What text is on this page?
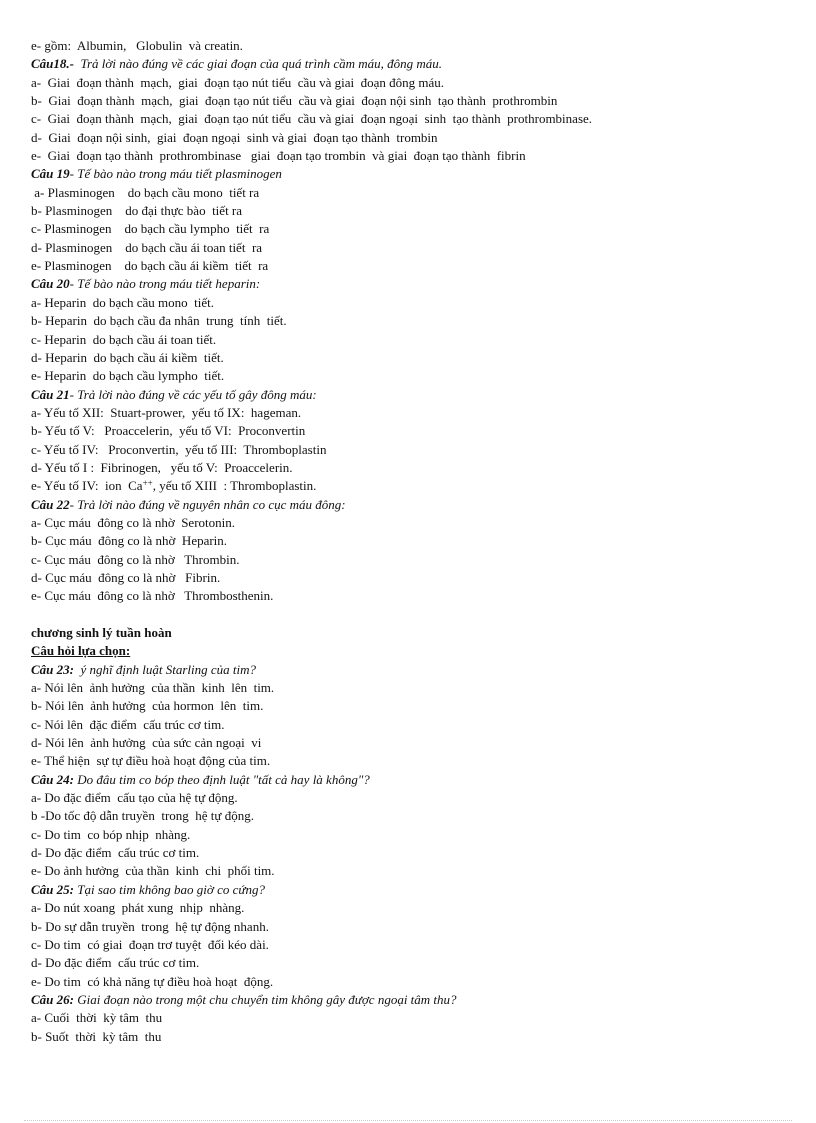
e- gồm:  Albumin,   Globulin  và creatin.
Câu18.-  Trả lời nào đúng về các giai đoạn của quá trình cầm máu, đông máu.
a-  Giai  đoạn thành  mạch,  giai  đoạn tạo nút tiểu  cầu và giai  đoạn đông máu.
b-  Giai  đoạn thành  mạch,  giai  đoạn tạo nút tiểu  cầu và giai  đoạn nội sinh  tạo thành  prothrombin
c-  Giai  đoạn thành  mạch,  giai  đoạn tạo nút tiểu  cầu và giai  đoạn ngoại  sinh  tạo thành  prothrombinase.
d-  Giai  đoạn nội sinh,  giai  đoạn ngoại  sinh và giai  đoạn tạo thành  trombin
e-  Giai  đoạn tạo thành  prothrombinase   giai  đoạn tạo trombin  và giai  đoạn tạo thành  fibrin
Câu 19- Tế bào nào trong máu tiết plasminogen
a- Plasminogen    do bạch cầu mono  tiết ra
b- Plasminogen    do đại thực bào  tiết ra
c- Plasminogen    do bạch cầu lympho  tiết  ra
d- Plasminogen    do bạch cầu ái toan tiết  ra
e- Plasminogen    do bạch cầu ái kiềm  tiết  ra
Câu 20- Tế bào nào trong máu tiết heparin:
a- Heparin  do bạch cầu mono  tiết.
b- Heparin  do bạch cầu đa nhân  trung  tính  tiết.
c- Heparin  do bạch cầu ái toan tiết.
d- Heparin  do bạch cầu ái kiềm  tiết.
e- Heparin  do bạch cầu lympho  tiết.
Câu 21- Trả lời nào đúng về các yếu tố gây đông máu:
a- Yếu tố XII:  Stuart-prower,  yếu tố IX:  hageman.
b- Yếu tố V:   Proaccelerin,  yếu tố VI:  Proconvertin
c- Yếu tố IV:   Proconvertin,  yếu tố III:  Thromboplastin
d- Yếu tố I :  Fibrinogen,   yếu tố V:  Proaccelerin.
e- Yếu tố IV:  ion  Ca++, yếu tố XIII  : Thromboplastin.
Câu 22- Trả lời nào đúng về nguyên nhân co cục máu đông:
a- Cục máu  đông co là nhờ  Serotonin.
b- Cục máu  đông co là nhờ  Heparin.
c- Cục máu  đông co là nhờ   Thrombin.
d- Cục máu  đông co là nhờ   Fibrin.
e- Cục máu  đông co là nhờ   Thrombosthenin.
chương sinh lý tuần hoàn
Câu hỏi lựa chọn:
Câu 23:  ý nghĩ định luật Starling của tim?
a- Nói lên  ảnh hưởng  của thần  kinh  lên  tim.
b- Nói lên  ảnh hưởng  của hormon  lên  tim.
c- Nói lên  đặc điểm  cấu trúc cơ tim.
d- Nói lên  ảnh hưởng  của sức cản ngoại  vi
e- Thể hiện  sự tự điều hoà hoạt động của tim.
Câu 24: Do đâu tim co bóp theo định luật "tất cả hay là không"?
a- Do đặc điểm  cấu tạo của hệ tự động.
b -Do tốc độ dẫn truyền  trong  hệ tự động.
c- Do tim  co bóp nhịp  nhàng.
d- Do đặc điểm  cấu trúc cơ tim.
e- Do ảnh hưởng  của thần  kinh  chi  phối tim.
Câu 25: Tại sao tim không bao giờ co cứng?
a- Do nút xoang  phát xung  nhịp  nhàng.
b- Do sự dẫn truyền  trong  hệ tự động nhanh.
c- Do tim  có giai  đoạn trơ tuyệt  đối kéo dài.
d- Do đặc điểm  cấu trúc cơ tim.
e- Do tim  có khả năng tự điều hoà hoạt  động.
Câu 26: Giai đoạn nào trong một chu chuyển tim không gây được ngoại tâm thu?
a- Cuối  thời  kỳ tâm  thu
b- Suốt  thời  kỳ tâm  thu
